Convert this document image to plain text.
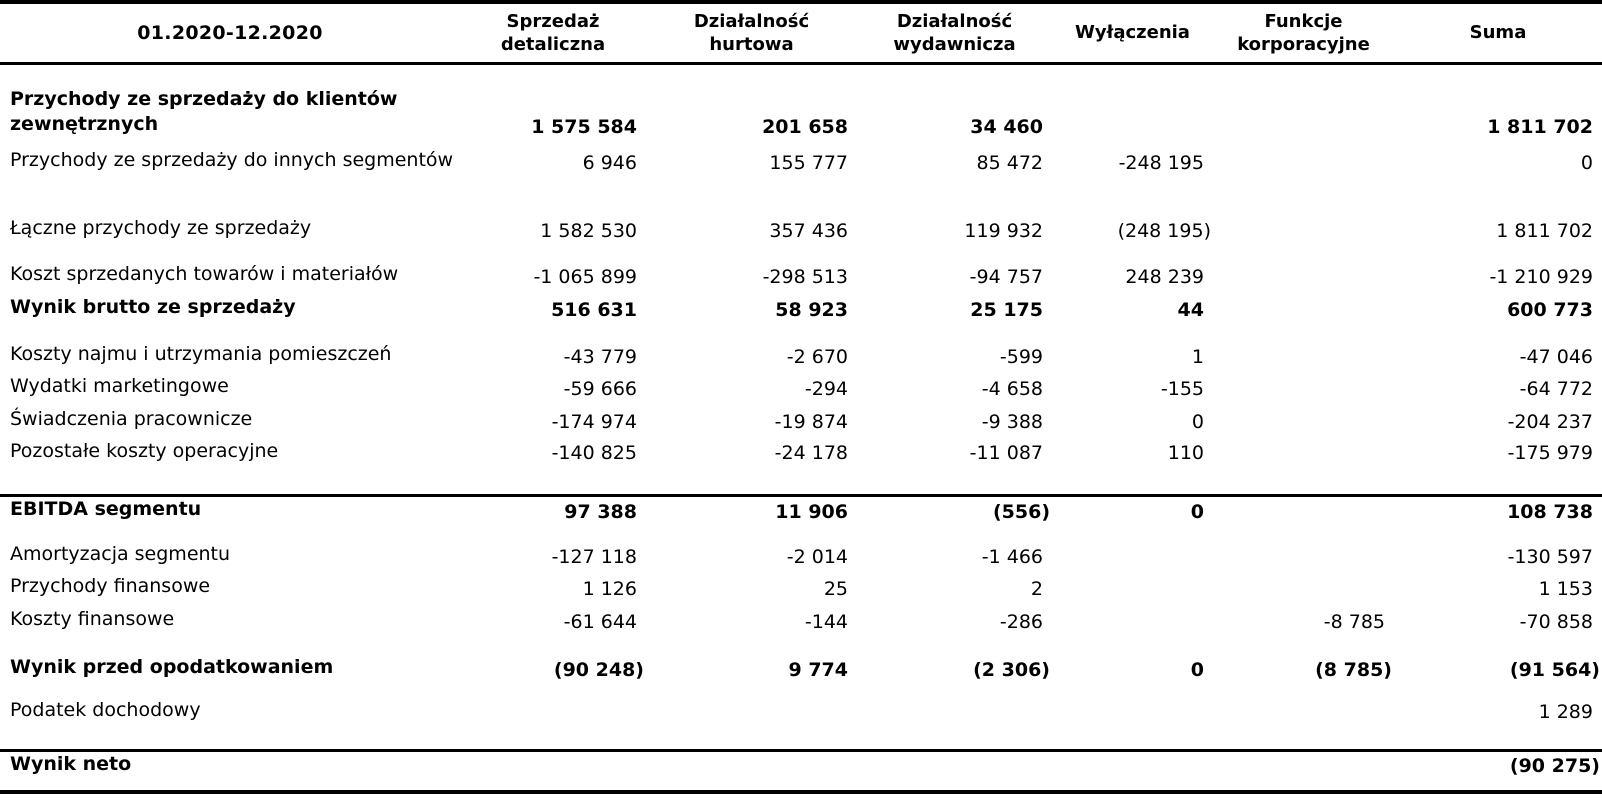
01.2020-12.2020	Sprzedaż detaliczna	Działalność hurtowa	Działalność wydawnicza	Wyłączenia	Funkcje korporacyjne	Suma
Przychody ze sprzedaży do klientów zewnętrznych	1 575 584	201 658	34 460			1 811 702
Przychody ze sprzedaży do innych segmentów	6 946	155 777	85 472	-248 195		0
Łączne przychody ze sprzedaży	1 582 530	357 436	119 932	(248 195)		1 811 702
Koszt sprzedanych towarów i materiałów	-1 065 899	-298 513	-94 757	248 239		-1 210 929
Wynik brutto ze sprzedaży	516 631	58 923	25 175	44		600 773
Koszty najmu i utrzymania pomieszczeń	-43 779	-2 670	-599	1		-47 046
Wydatki marketingowe	-59 666	-294	-4 658	-155		-64 772
Świadczenia pracownicze	-174 974	-19 874	-9 388	0		-204 237
Pozostałe koszty operacyjne	-140 825	-24 178	-11 087	110		-175 979
EBITDA segmentu	97 388	11 906	(556)	0		108 738
Amortyzacja segmentu	-127 118	-2 014	-1 466			-130 597
Przychody finansowe	1 126	25	2			1 153
Koszty finansowe	-61 644	-144	-286		-8 785	-70 858
Wynik przed opodatkowaniem	(90 248)	9 774	(2 306)	0	(8 785)	(91 564)
Podatek dochodowy						1 289
Wynik neto						(90 275)
